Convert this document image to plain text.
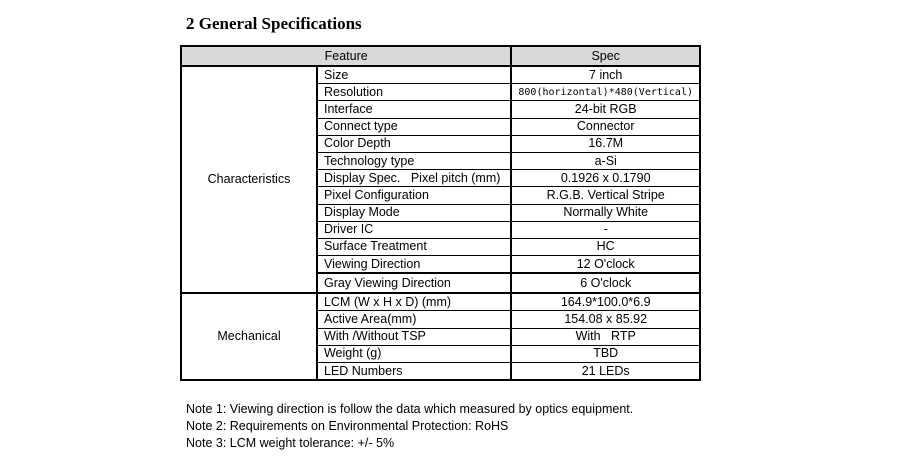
2 General Specifications
Feature		Spec
Characteristics	Size	7 inch
	Resolution	800(horizontal)*480(Vertical)
	Interface	24-bit RGB
	Connect type	Connector
	Color Depth	16.7M
	Technology type	a-Si
	Display Spec.   Pixel pitch (mm)	0.1926 x 0.1790
	Pixel Configuration	R.G.B. Vertical Stripe
	Display Mode	Normally White
	Driver IC	-
	Surface Treatment	HC
	Viewing Direction	12 O'clock
	Gray Viewing Direction	6 O'clock
Mechanical	LCM (W x H x D) (mm)	164.9*100.0*6.9
	Active Area(mm)	154.08 x 85.92
	With /Without TSP	With   RTP
	Weight (g)	TBD
	LED Numbers	21 LEDs
Note 1: Viewing direction is follow the data which measured by optics equipment.
Note 2: Requirements on Environmental Protection: RoHS
Note 3: LCM weight tolerance: +/- 5%
